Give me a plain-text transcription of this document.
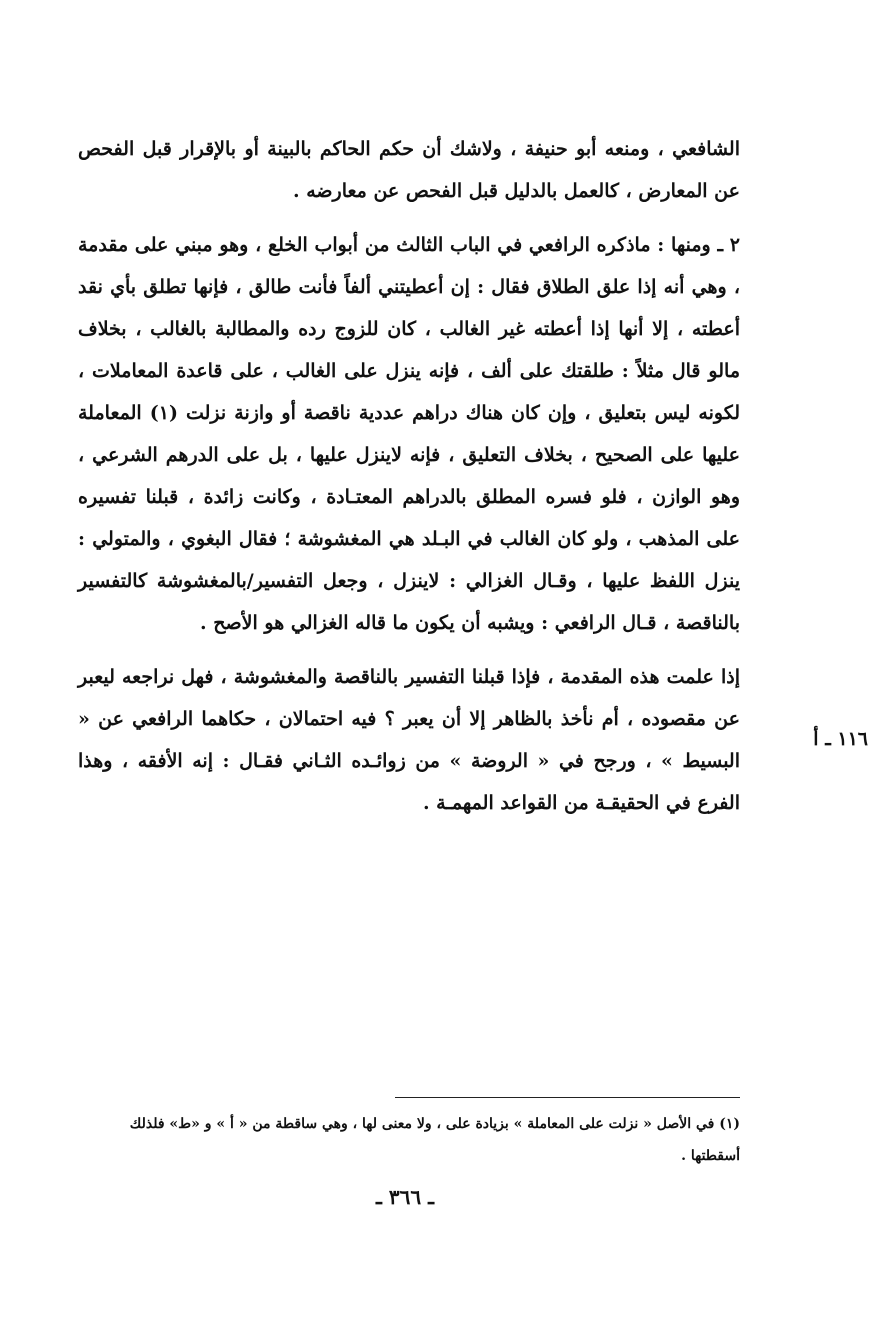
الشافعي ، ومنعه أبو حنيفة ، ولاشك أن حكم الحاكم بالبينة أو بالإقرار قبل الفحص عن المعارض ، كالعمل بالدليل قبل الفحص عن معارضه .

٢ ـ ومنها : ماذكره الرافعي في الباب الثالث من أبواب الخلع ، وهو مبني على مقدمة ، وهي أنه إذا علق الطلاق فقال : إن أعطيتني ألفاً فأنت طالق ، فإنها تطلق بأي نقد أعطته ، إلا أنها إذا أعطته غير الغالب ، كان للزوج رده والمطالبة بالغالب ، بخلاف مالو قال مثلاً : طلقتك على ألف ، فإنه ينزل على الغالب ، على قاعدة المعاملات ، لكونه ليس بتعليق ، وإن كان هناك دراهم عددية ناقصة أو وازنة نزلت (١) المعاملة عليها على الصحيح ، بخلاف التعليق ، فإنه لاينزل عليها ، بل على الدرهم الشرعي ، وهو الوازن ، فلو فسره المطلق بالدراهم المعتـادة ، وكانت زائدة ، قبلنا تفسيره على المذهب ، ولو كان الغالب في البـلد هي المغشوشة ؛ فقال البغوي ، والمتولي : ينزل اللفظ عليها ، وقـال الغزالي : لاينزل ، وجعل التفسير/بالمغشوشة كالتفسير بالناقصة ، قـال الرافعي : ويشبه أن يكون ما قاله الغزالي هو الأصح .

إذا علمت هذه المقدمة ، فإذا قبلنا التفسير بالناقصة والمغشوشة ، فهل نراجعه ليعبر عن مقصوده ، أم نأخذ بالظاهر إلا أن يعبر ؟ فيه احتمالان ، حكاهما الرافعي عن « البسيط » ، ورجح في « الروضة » من زوائـده الثـاني فقـال : إنه الأفقه ، وهذا الفرع في الحقيقـة من القواعد المهمـة .

١١٦ ـ أ
(١) في الأصل « نزلت على المعاملة » بزيادة على ، ولا معنى لها ، وهي ساقطة من « أ » و «ط» فلذلك أسقطتها .
ـ ٣٦٦ ـ
